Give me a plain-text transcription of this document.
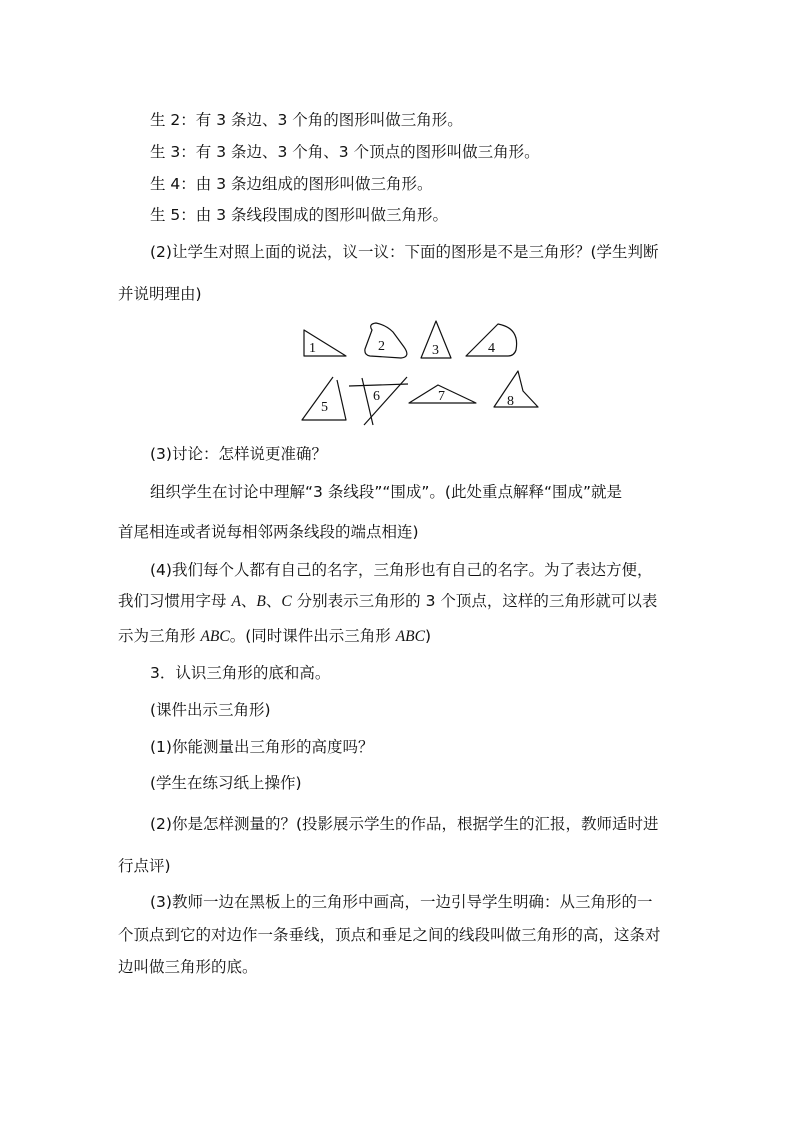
生 2：有 3 条边、3 个角的图形叫做三角形。
生 3：有 3 条边、3 个角、3 个顶点的图形叫做三角形。
生 4：由 3 条边组成的图形叫做三角形。
生 5：由 3 条线段围成的图形叫做三角形。
(2)让学生对照上面的说法，议一议：下面的图形是不是三角形？(学生判断
并说明理由)
1	2	3	4
5
6	7	8
(3)讨论：怎样说更准确？
组织学生在讨论中理解“3 条线段”“围成”。(此处重点解释“围成”就是
首尾相连或者说每相邻两条线段的端点相连)
(4)我们每个人都有自己的名字，三角形也有自己的名字。为了表达方便，
我们习惯用字母 A、B、C 分别表示三角形的 3 个顶点，这样的三角形就可以表
示为三角形 ABC。(同时课件出示三角形 ABC)
3．认识三角形的底和高。
(课件出示三角形)
(1)你能测量出三角形的高度吗？
(学生在练习纸上操作)
(2)你是怎样测量的？(投影展示学生的作品，根据学生的汇报，教师适时进
行点评)
(3)教师一边在黑板上的三角形中画高，一边引导学生明确：从三角形的一
个顶点到它的对边作一条垂线，顶点和垂足之间的线段叫做三角形的高，这条对
边叫做三角形的底。
